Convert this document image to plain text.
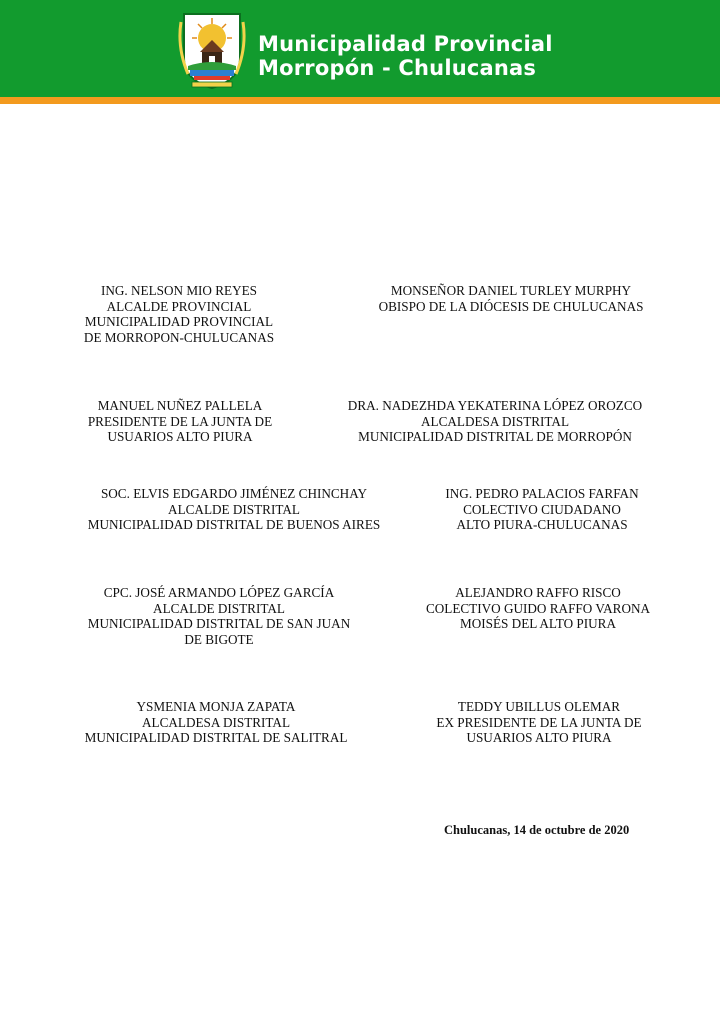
Municipalidad Provincial
Morropón - Chulucanas
ING. NELSON MIO REYES
ALCALDE PROVINCIAL
MUNICIPALIDAD PROVINCIAL
DE MORROPON-CHULUCANAS
MONSEÑOR DANIEL TURLEY MURPHY
OBISPO DE LA DIÓCESIS DE CHULUCANAS
MANUEL NUÑEZ PALLELA
PRESIDENTE DE LA JUNTA DE
USUARIOS ALTO PIURA
DRA. NADEZHDA YEKATERINA LÓPEZ OROZCO
ALCALDESA DISTRITAL
MUNICIPALIDAD DISTRITAL DE MORROPÓN
SOC. ELVIS EDGARDO JIMÉNEZ CHINCHAY
ALCALDE DISTRITAL
MUNICIPALIDAD DISTRITAL DE BUENOS AIRES
ING. PEDRO PALACIOS FARFAN
COLECTIVO CIUDADANO
ALTO PIURA-CHULUCANAS
CPC. JOSÉ ARMANDO LÓPEZ GARCÍA
ALCALDE DISTRITAL
MUNICIPALIDAD DISTRITAL DE SAN JUAN
DE BIGOTE
ALEJANDRO RAFFO RISCO
COLECTIVO GUIDO RAFFO VARONA
MOISÉS DEL ALTO PIURA
YSMENIA MONJA ZAPATA
ALCALDESA DISTRITAL
MUNICIPALIDAD DISTRITAL DE SALITRAL
TEDDY UBILLUS OLEMAR
EX PRESIDENTE DE LA JUNTA DE
USUARIOS ALTO PIURA
Chulucanas, 14 de octubre de 2020
